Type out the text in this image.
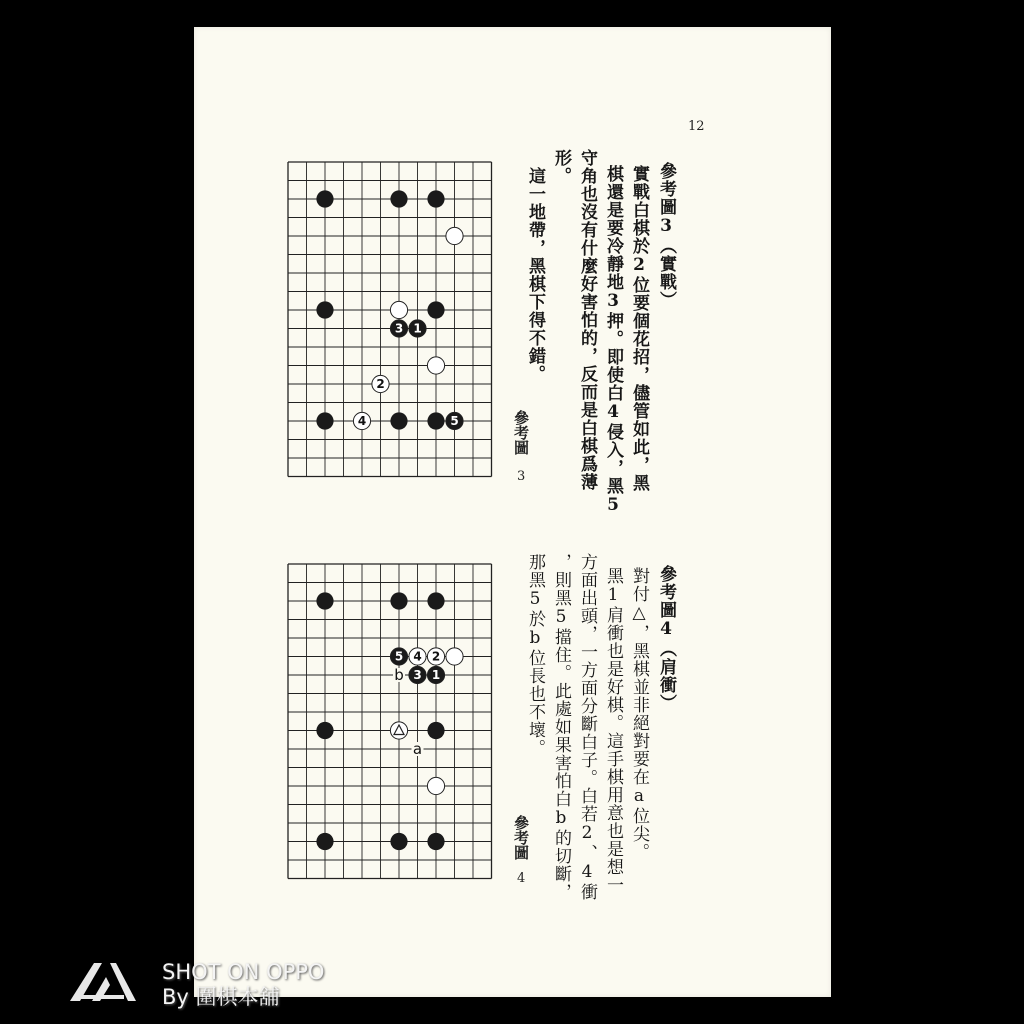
12
參考圖3（實戰）
實戰白棋於2位要個花招，儘管如此，黑
棋還是要冷靜地3押。即使白4侵入，黑5
守角也沒有什麼好害怕的，反而是白棋爲薄
形。
這一地帶，黑棋下得不錯。
參考圖
3
參考圖4（肩衝）
對付△，黑棋並非絕對要在a位尖。
黑1肩衝也是好棋。這手棋用意也是想一
方面出頭，一方面分斷白子。白若2、4衝
，則黑5擋住。此處如果害怕白b的切斷，
那黑5於b位長也不壞。
參考圖
4
1
2
3
4	5
1
2
3
4
5
b
a
SHOT ON OPPO
By 圍棋本舖
